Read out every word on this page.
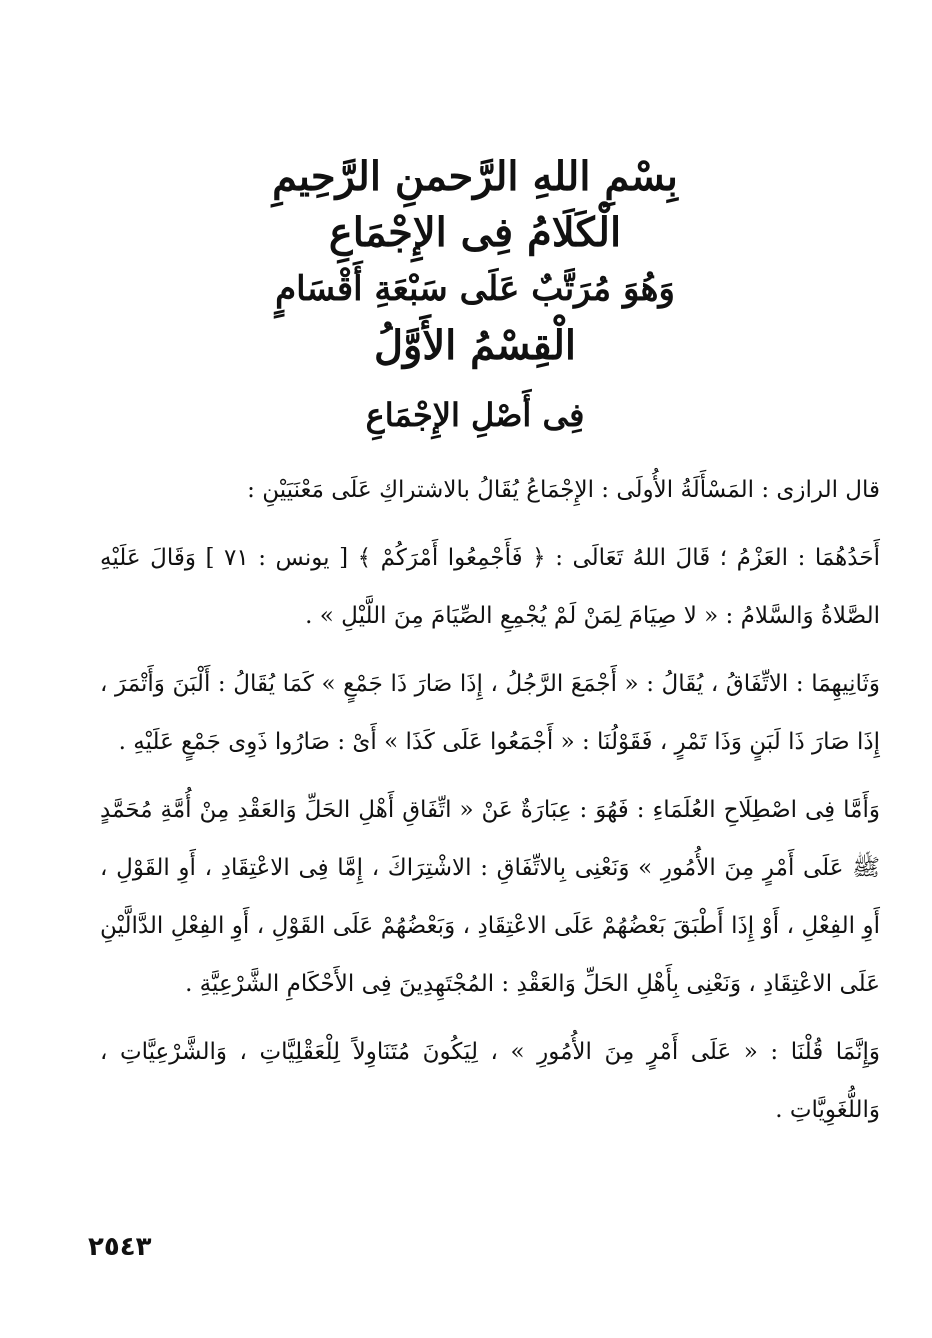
بِسْمِ اللهِ الرَّحمنِ الرَّحِيمِ

الْكَلَامُ فِى الإِجْمَاعِ

وَهُوَ مُرَتَّبٌ عَلَى سَبْعَةِ أَقْسَامٍ

الْقِسْمُ الأَوَّلُ

فِى أَصْلِ الإِجْمَاعِ

قال الرازى : المَسْأَلَةُ الأُولَى : الإِجْمَاعُ يُقَالُ بالاشتراكِ عَلَى مَعْنَيَيْنِ :

أَحَدُهُمَا : العَزْمُ ؛ قَالَ اللهُ تَعَالَى : ﴿ فَأَجْمِعُوا أَمْرَكُمْ ﴾ [ يونس : ٧١ ] وَقَالَ عَلَيْهِ الصَّلاةُ وَالسَّلامُ : « لا صِيَامَ لِمَنْ لَمْ يُجْمِعِ الصِّيَامَ مِنَ اللَّيْلِ » .

وَثَانِيهِمَا : الاتِّفَاقُ ، يُقَالُ : « أَجْمَعَ الرَّجُلُ ، إِذَا صَارَ ذَا جَمْعٍ » كَمَا يُقَالُ : أَلْبَنَ وَأَتْمَرَ ، إِذَا صَارَ ذَا لَبَنٍ وَذَا تَمْرٍ ، فَقَوْلُنَا : « أَجْمَعُوا عَلَى كَذَا » أَىْ : صَارُوا ذَوِى جَمْعٍ عَلَيْهِ .

وَأَمَّا فِى اصْطِلَاحِ العُلَمَاءِ : فَهُوَ : عِبَارَةٌ عَنْ « اتِّفَاقِ أَهْلِ الحَلِّ وَالعَقْدِ مِنْ أُمَّةِ مُحَمَّدٍ ﷺ عَلَى أَمْرٍ مِنَ الأُمُورِ » وَنَعْنِى بِالاتِّفَاقِ : الاشْتِرَاكَ ، إِمَّا فِى الاعْتِقَادِ ، أَوِ القَوْلِ ، أَوِ الفِعْلِ ، أَوْ إِذَا أَطْبَقَ بَعْضُهُمْ عَلَى الاعْتِقَادِ ، وَبَعْضُهُمْ عَلَى القَوْلِ ، أَوِ الفِعْلِ الدَّالَّيْنِ عَلَى الاعْتِقَادِ ، وَنَعْنِى بِأَهْلِ الحَلِّ وَالعَقْدِ : المُجْتَهِدِينَ فِى الأَحْكَامِ الشَّرْعِيَّةِ .

وَإِنَّمَا قُلْنَا : « عَلَى أَمْرٍ مِنَ الأُمُورِ » ، لِيَكُونَ مُتَنَاوِلاً لِلْعَقْلِيَّاتِ ، وَالشَّرْعِيَّاتِ ، وَاللُّغَوِيَّاتِ .

٢٥٤٣
